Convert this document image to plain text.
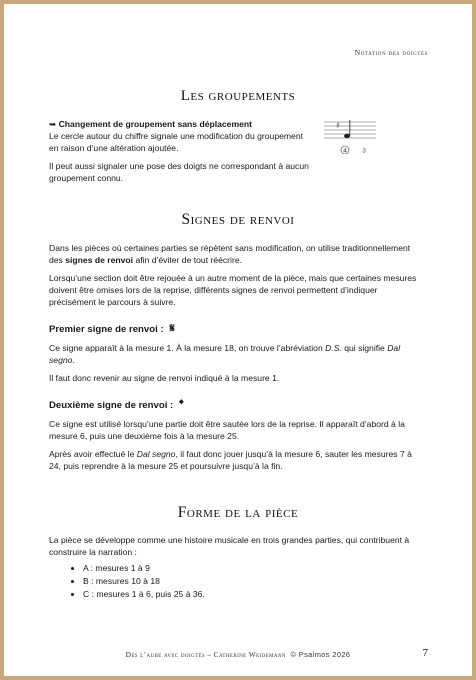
Notation des doigtés
Les groupements
➥ Changement de groupement sans déplacement

Le cercle autour du chiffre signale une modification du groupement en raison d’une altération ajoutée.

Il peut aussi signaler une pose des doigts ne correspondant à aucun groupement connu.

♯
4 3
Signes de renvoi

Dans les pièces où certaines parties se répètent sans modification, on utilise traditionnellement des signes de renvoi afin d’éviter de tout réécrire.

Lorsqu’une section doit être rejouée à un autre moment de la pièce, mais que certaines mesures doivent être omises lors de la reprise, différents signes de renvoi permettent d’indiquer précisément le parcours à suivre.

Premier signe de renvoi : 𝄋

Ce signe apparaît à la mesure 1. À la mesure 18, on trouve l’abréviation D.S. qui signifie Dal segno.

Il faut donc revenir au signe de renvoi indiqué à la mesure 1.

Deuxième signe de renvoi : 𝄌

Ce signe est utilisé lorsqu’une partie doit être sautée lors de la reprise. Il apparaît d’abord à la mesure 6, puis une deuxième fois à la mesure 25.

Après avoir effectué le Dal segno, il faut donc jouer jusqu’à la mesure 6, sauter les mesures 7 à 24, puis reprendre à la mesure 25 et poursuivre jusqu’à la fin.

Forme de la pièce

La pièce se développe comme une histoire musicale en trois grandes parties, qui contribuent à construire la narration :

• A : mesures 1 à 9
• B : mesures 10 à 18
• C : mesures 1 à 6, puis 25 à 36.
Dès l’aube avec doigtés – Catherine Weidemann © Psalmos 2026	7
